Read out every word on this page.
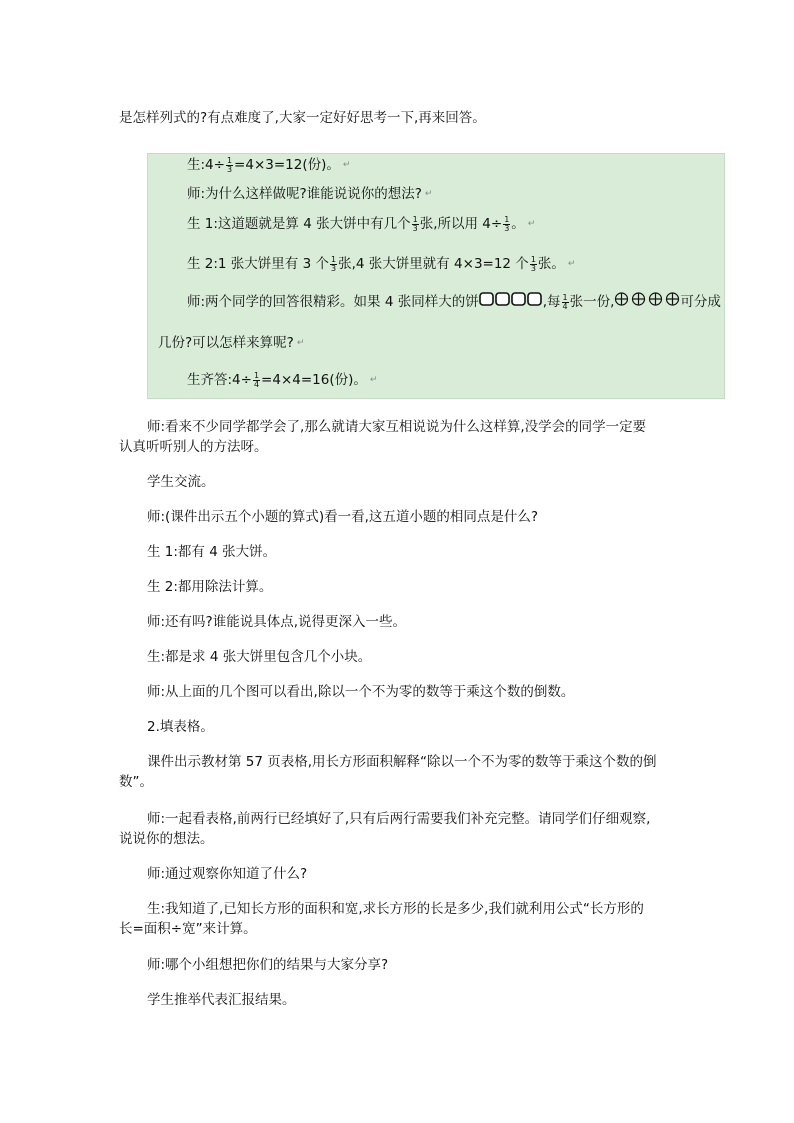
是怎样列式的?有点难度了,大家一定好好思考一下,再来回答。
生:4÷ $\frac{1}{3} =4\times 3=12$(份)。 ↵
师:为什么这样做呢?谁能说说你的想法? ↵
生 1:这道题就是算 4 张大饼中有几个 $\frac{1}{3}$ 张,所以用 $4\div \frac{1}{3}$ 。 ↵
生 2:1 张大饼里有 3 个 $\frac{1}{3}$ 张,4 张大饼里就有 4×3=12 个 $\frac{1}{3}$ 张。 ↵
师:两个同学的回答很精彩。如果 4 张同样大的饼	,每 $\frac{1}{4}$ 张一份,	可分成
几份?可以怎样来算呢? ↵
生齐答:4÷ $\frac{1}{4} =4\times 4=16$(份)。 ↵
师:看来不少同学都学会了,那么就请大家互相说说为什么这样算,没学会的同学一定要
认真听听别人的方法呀。
学生交流。
师:(课件出示五个小题的算式)看一看,这五道小题的相同点是什么?
生 1:都有 4 张大饼。
生 2:都用除法计算。
师:还有吗?谁能说具体点,说得更深入一些。
生:都是求 4 张大饼里包含几个小块。
师:从上面的几个图可以看出,除以一个不为零的数等于乘这个数的倒数。
2.填表格。
课件出示教材第 57 页表格,用长方形面积解释“除以一个不为零的数等于乘这个数的倒
数”。
师:一起看表格,前两行已经填好了,只有后两行需要我们补充完整。请同学们仔细观察,
说说你的想法。
师:通过观察你知道了什么?
生:我知道了,已知长方形的面积和宽,求长方形的长是多少,我们就利用公式“长方形的
长=面积÷宽”来计算。
师:哪个小组想把你们的结果与大家分享?
学生推举代表汇报结果。
